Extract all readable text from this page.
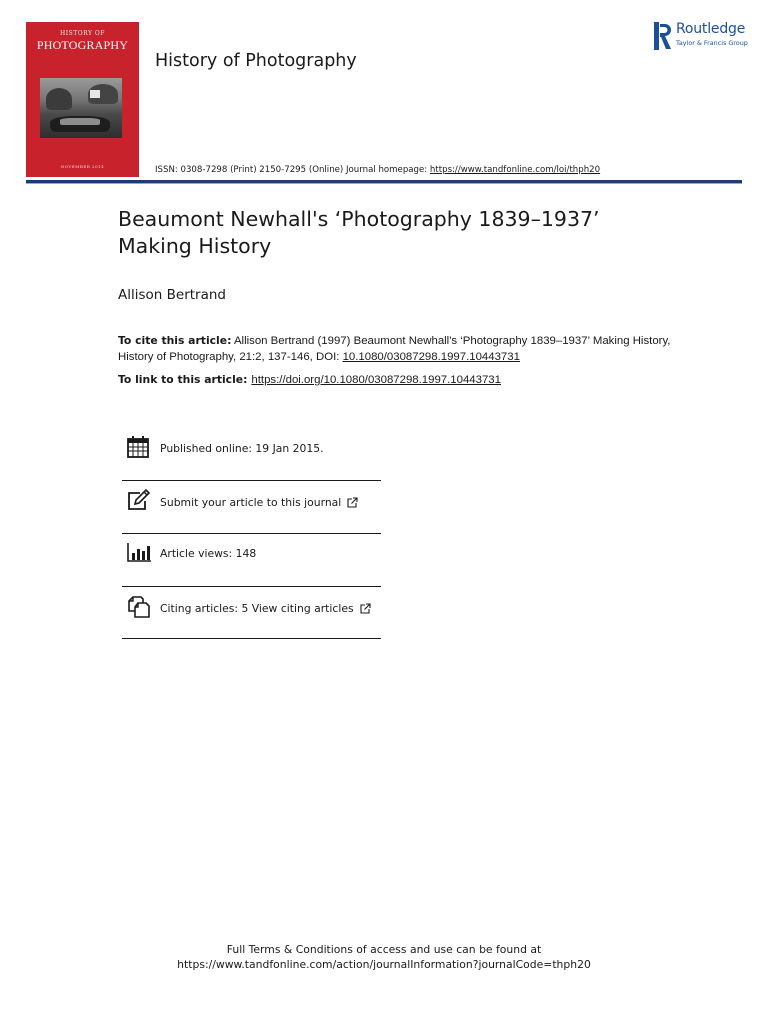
HISTORY OF
PHOTOGRAPHY
NOVEMBER 2014
History of Photography
ISSN: 0308-7298 (Print) 2150-7295 (Online) Journal homepage: https://www.tandfonline.com/loi/thph20
Routledge
Taylor & Francis Group
Beaumont Newhall's ‘Photography 1839–1937’
Making History
Allison Bertrand
To cite this article: Allison Bertrand (1997) Beaumont Newhall's ‘Photography 1839–1937’ Making History, History of Photography, 21:2, 137-146, DOI: 10.1080/03087298.1997.10443731
To link to this article: https://doi.org/10.1080/03087298.1997.10443731
Published online: 19 Jan 2015.
Submit your article to this journal
Article views: 148
Citing articles: 5 View citing articles
Full Terms & Conditions of access and use can be found at
https://www.tandfonline.com/action/journalInformation?journalCode=thph20
